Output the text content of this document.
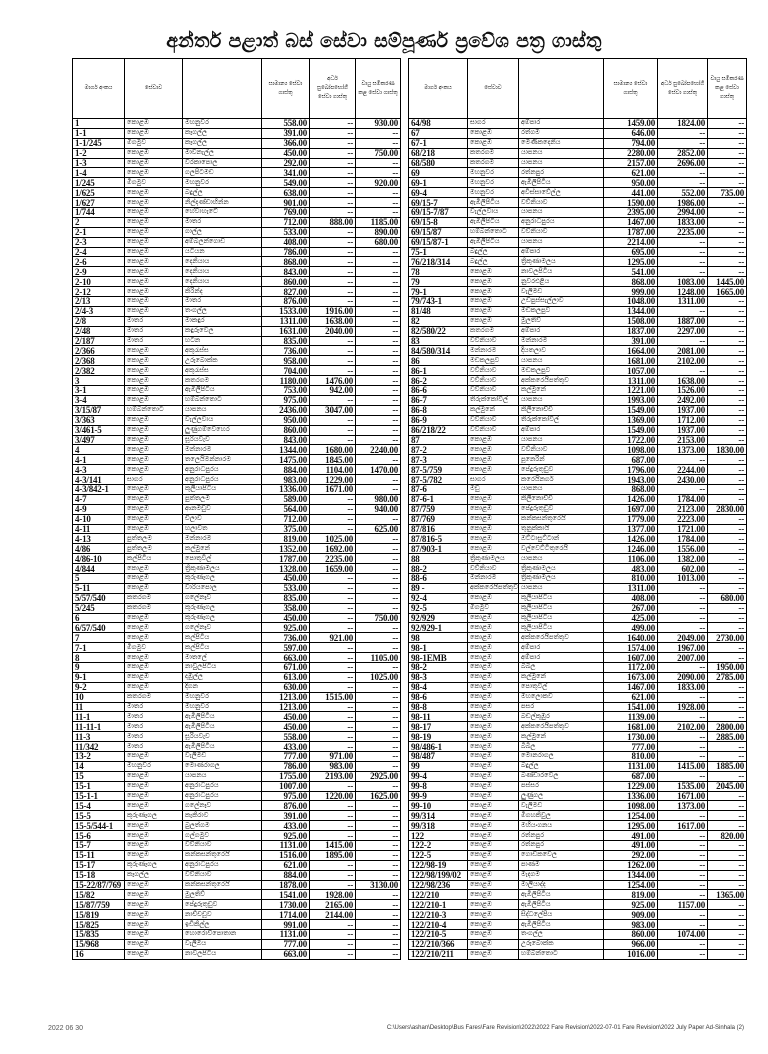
අන්තර් පළාත් බස් සේවා සම්පූර්ණ ප්‍රවේශ පත්‍ර ගාස්තු
මාර්ග අංකය	සේවාව		සාමාන්‍ය සේවා ගාස්තු	අර්ධ සුඛෝපභෝගී සේවා ගාස්තු	වායු සමීකරණ කළ සේවා ගාස්තු
1	කොළඹ	මහනුවර	558.00	--	930.00
1-1	කොළඹ	කෑගල්ල	391.00	--	--
1-1/245	මීගමුව	කෑගල්ල	366.00	--	--
1-2	කොළඹ	මාවනැල්ල	450.00	--	750.00
1-3	කොළඹ	වරකාපොල	292.00	--	--
1-4	කොළඹ	ගලපිටමඩ	341.00	--	--
1/245	මීගමුව	මහනුවර	549.00	--	920.00
1/625	කොළඹ	බදුල්ල	638.00	--	--
1/627	කොළඹ	නිල්දණ්ඩාහින්න	901.00	--	--
1/744	කොළඹ	හේවාහැටේ	769.00	--	--
2	කොළඹ	මාතර	712.00	888.00	1185.00
2-1	කොළඹ	ගාල්ල	533.00	--	890.00
2-3	කොළඹ	අම්බලන්ගොඩ	408.00	--	680.00
2-4	කොළඹ	යටියන	786.00	--	--
2-6	කොළඹ	දෙනියාය	868.00	--	--
2-9	කොළඹ	දෙනියාය	843.00	--	--
2-10	කොළඹ	දෙනියාය	860.00	--	--
2-12	කොළඹ	කිරින්ද	827.00	--	--
2/13	කොළඹ	මාතර	876.00	--	--
2/4-3	කොළඹ	තංගල්ල	1533.00	1916.00	--
2/8	මාතර	මාකඳුර	1311.00	1638.00	--
2/48	මාතර	කඳුරුවෙල	1631.00	2040.00	--
2/187	මාතර	හටන	835.00	--	--
2/366	කොළඹ	අකුරැස්ස	736.00	--	--
2/368	කොළඹ	උරුබොක්ක	958.00	--	--
2/382	කොළඹ	අකුරැස්ස	704.00	--	--
3	කොළඹ	කතරගම	1180.00	1476.00	--
3-1	කොළඹ	ඇඹිලිපිටිය	753.00	942.00	--
3-4	කොළඹ	හම්බන්තොට	975.00	--	--
3/15/87	හම්බන්තොට	යාපනය	2436.00	3047.00	--
3/363	කොළඹ	වැල්ලවාය	950.00	--	--
3/461-5	කොළඹ	ලුණුගම්වෙහෙර	860.00	--	--
3/497	කොළඹ	සූරියවැව	843.00	--	--
4	කොළඹ	මන්නාරම	1344.00	1680.00	2240.00
4-1	කොළඹ	තලෙයිමන්නාරම	1475.00	1845.00	--
4-3	කොළඹ	අනුරාධපුරය	884.00	1104.00	1470.00
4-3/141	සාගර	අනුරාධපුරය	983.00	1229.00	--
4-3/842-1	කොළඹ	කුලියාපිටිය	1336.00	1671.00	--
4-7	කොළඹ	පුත්තලම	589.00	--	980.00
4-9	කොළඹ	ආනමඩුව	564.00	--	940.00
4-10	කොළඹ	චිලාව	712.00	--	--
4-11	කොළඹ	හලාවත	375.00	--	625.00
4-13	පුත්තලම	මන්නාරම	819.00	1025.00	--
4/86	පුත්තලම	කල්මුනේ	1352.00	1692.00	--
4/86-10	කල්පිටිය	පොතුවිල්	1787.00	2235.00	--
4/844	කොළඹ	ත්‍රිකුණාමලය	1328.00	1659.00	--
5	කොළඹ	කුරුණෑගල	450.00	--	--
5-11	කොළඹ	වාරියපොල	533.00	--	--
5/57/540	කතරගම	ගලේනෑව	835.00	--	--
5/245	කතරගම	කුරුණෑගල	358.00	--	--
6	කොළඹ	කුරුණෑගල	450.00	--	750.00
6/57/540	කොළඹ	ගලේනෑව	925.00	--	--
7	කොළඹ	කල්පිටිය	736.00	921.00	--
7-1	මීගමුව	කල්පිටිය	597.00	--	--
8	කොළඹ	මාතලේ	663.00	--	1105.00
9	කොළඹ	නාවුලපිටිය	671.00	--	--
9-1	කොළඹ	දඹුල්ල	613.00	--	1025.00
9-2	කොළඹ	දිගන	630.00	--	--
10	කතරගම	මහනුවර	1213.00	1515.00	--
11	මාතර	මහනුවර	1213.00	--	--
11-1	මාතර	ඇඹිලිපිටිය	450.00	--	--
11-11-1	මාතර	ඇඹිලිපිටිය	450.00	--	--
11-3	මාතර	සූරියවැව	558.00	--	--
11/342	මාතර	ඇඹිලිපිටිය	433.00	--	--
13-2	කොළඹ	වැලිමඩ	777.00	971.00	--
14	මහනුවර	මොණරාගල	786.00	983.00	--
15	කොළඹ	යාපනය	1755.00	2193.00	2925.00
15-1	කොළඹ	අනුරාධපුරය	1007.00	--	--
15-1-1	කොළඹ	අනුරාධපුරය	975.00	1220.00	1625.00
15-4	කොළඹ	ගලේනෑව	876.00	--	--
15-5	කුරුණෑගල	කැකිරාව	391.00	--	--
15-5/544-1	කොළඹ	බුලත්ගම	433.00	--	--
15-6	කොළඹ	ගල්ගමුව	925.00	--	--
15-7	කොළඹ	වව්නියාව	1131.00	1415.00	--
15-11	කොළඹ	කන්කසන්තුරෙයි	1516.00	1895.00	--
15-17	කුරුණෑගල	අනුරාධපුරය	621.00	--	--
15-18	කෑගල්ල	වව්නියාව	884.00	--	--
15-22/87/769	කොළඹ	කන්කසන්තුරෙයි	1878.00	--	3130.00
15/82	කොළඹ	මුලතිව්	1541.00	1928.00	--
15/87/759	කොළඹ	පේදුරුතුඩුව	1730.00	2165.00	--
15/819	කොළඹ	නාච්චඩූව	1714.00	2144.00	--
15/825	කොළඹ	ඉඩිකිල්ල	991.00	--	--
15/835	කොළඹ	හොරොව්පොතාන	1131.00	--	--
15/968	කොළඹ	වැලිඔය	777.00	--	--
16	කොළඹ	නාවලපිටිය	663.00	--	--
මාර්ග අංකය	සේවාව		සාමාන්‍ය සේවා ගාස්තු	අර්ධ සුඛෝපභෝගී සේවා ගාස්තු	වායු සමීකරණ කළ සේවා ගාස්තු
64/98	සාගර	අම්පාර	1459.00	1824.00	--
67	කොළඹ	රත්ගම	646.00	--	--
67-1	කොළඹ	මෙණිකදෙනිය	794.00	--	--
68/218	කතරගම	යාපනය	2280.00	2852.00	--
68/580	කතරගම	යාපනය	2157.00	2696.00	--
69	මහනුවර	රත්නපුර	621.00	--	--
69-1	මහනුවර	ඇඹිලිපිටිය	950.00	--	--
69-4	මහනුවර	අවිස්සාවේල්ල	441.00	552.00	735.00
69/15-7	ඇඹිලිපිටිය	වව්නියාව	1590.00	1986.00	--
69/15-7/87	වැල්ලවාය	යාපනය	2395.00	2994.00	--
69/15-8	ඇඹිලිපිටිය	අනුරාධපුරය	1467.00	1833.00	--
69/15/87	හම්බන්තොට	වව්නියාව	1787.00	2235.00	--
69/15/87-1	ඇඹිලිපිටිය	යාපනය	2214.00	--	--
75-1	බදුල්ල	අම්පාර	695.00	--	--
76/218/314	බදුල්ල	ත්‍රිකුණාමලය	1295.00	--	--
78	කොළඹ	නාවලපිටිය	541.00	--	--
79	කොළඹ	නුවරඑළිය	868.00	1083.00	1445.00
79-1	කොළඹ	වැලිමඩ	999.00	1248.00	1665.00
79/743-1	කොළඹ	උඩපුස්සැල්ලාව	1048.00	1311.00	--
81/48	කොළඹ	මඩකලපුව	1344.00	--	--
82	කොළඹ	මුලතිව්	1508.00	1887.00	--
82/580/22	කතරගම	අම්පාර	1837.00	2297.00	--
83	වව්නියාව	මන්නාරම	391.00	--	--
84/580/314	මන්නාරම	දියතලාව	1664.00	2081.00	--
86	මඩකලපුව	යාපනය	1681.00	2102.00	--
86-1	වව්නියාව	මඩකලපුව	1057.00	--	--
86-2	වව්නියාව	අක්කරෙයිපත්තුව	1311.00	1638.00	--
86-6	වව්නියාව	කල්මුනේ	1221.00	1526.00	--
86-7	තිරුක්කෝවිල්	යාපනය	1993.00	2492.00	--
86-8	කල්මුනේ	කිලිනොච්චි	1549.00	1937.00	--
86-9	වව්නියාව	තිරුක්කෝවිල්	1369.00	1712.00	--
86/218/22	වව්නියාව	අම්පාර	1549.00	1937.00	--
87	කොළඹ	යාපනය	1722.00	2153.00	--
87-2	කොළඹ	වව්නියාව	1098.00	1373.00	1830.00
87-3	කොළඹ	පූනෙරින්	687.00	--	--
87-5/759	කොළඹ	පේදුරුතුඩුව	1796.00	2244.00	--
87-5/782	සාගර	කරෙයිනගර්	1943.00	2430.00	--
87-6	මඩු	යාපනය	868.00	--	--
87-6-1	කොළඹ	කිලිනොච්චි	1426.00	1784.00	--
87/759	කොළඹ	පේදුරුතුඩුව	1697.00	2123.00	2830.00
87/769	කොළඹ	කන්කසන්තුරෙයි	1779.00	2223.00	--
87/816	කොළඹ	තුනුක්කායි	1377.00	1721.00	--
87/816-5	කොළඹ	ඔට්ටාසුට්ටාන්	1426.00	1784.00	--
87/903-1	කොළඹ	වල්වෙට්ටිතුරෙයි	1246.00	1556.00	--
88	ත්‍රිකුණාමලය	යාපනය	1106.00	1382.00	--
88-2	වව්නියාව	ත්‍රිකුණාමලය	483.00	602.00	--
88-6	මන්නාරම	ත්‍රිකුණාමලය	810.00	1013.00	--
89 -	අක්කරෙයිපත්තුව	යාපනය	1311.00	--	--
92-4	කොළඹ	කුලියාපිටිය	408.00	--	680.00
92-5	මීගමුව	කුලියාපිටිය	267.00	--	--
92/929	කොළඹ	කුලියාපිටිය	425.00	--	--
92/929-1	කොළඹ	කුලියාපිටිය	499.00	--	--
98	කොළඹ	අක්කරෙයිපත්තුව	1640.00	2049.00	2730.00
98-1	කොළඹ	අම්පාර	1574.00	1967.00	--
98-1EMB	කොළඹ	අම්පාර	1607.00	2007.00	--
98-2	කොළඹ	බිබිල	1172.00	--	1950.00
98-3	කොළඹ	කල්මුනේ	1673.00	2090.00	2785.00
98-4	කොළඹ	පොතුවිල්	1467.00	1833.00	--
98-6	කොළඹ	මහලොකව	621.00	--	--
98-8	කොළඹ	පසර	1541.00	1928.00	--
98-11	කොළඹ	බඩල්කුඹුර	1139.00	--	--
98-17	කොළඹ	අක්කරෙයිපත්තුව	1681.00	2102.00	2800.00
98-19	කොළඹ	කල්මුනේ	1730.00	--	2885.00
98/486-1	කොළඹ	බිබිල	777.00	--	--
98/487	කොළඹ	මොනරාගල	810.00	--	--
99	කොළඹ	බදුල්ල	1131.00	1415.00	1885.00
99-4	කොළඹ	බණ්ඩාරවෙල	687.00	--	--
99-8	කොළඹ	පස්සර	1229.00	1535.00	2045.00
99-9	කොළඹ	ලුණුගල	1336.00	1671.00	--
99-10	කොළඹ	වැලිමඩ	1098.00	1373.00	--
99/314	කොළඹ	මීගහකිවුල	1254.00	--	--
99/318	කොළඹ	මහියංගනය	1295.00	1617.00	--
122	කොළඹ	රත්නපුර	491.00	--	820.00
122-2	කොළඹ	රත්නපුර	491.00	--	--
122-5	කොළඹ	ගොඩකවෙල	292.00	--	--
122/98-19	කොළඹ	පාණම	1262.00	--	--
122/98/199/02	කොළඹ	මැදගම	1344.00	--	--
122/98/236	කොළඹ	මාලියාද්ද	1254.00	--	--
122/210	කොළඹ	ඇඹිලිපිටිය	819.00	--	1365.00
122/210-1	කොළඹ	ඇඹිලිපිටිය	925.00	1157.00	--
122/210-3	කොළඹ	සිද්ධලේපිය	909.00	--	--
122/210-4	කොළඹ	ඇඹිලිපිටිය	983.00	--	--
122/210-5	කොළඹ	තංගල්ල	860.00	1074.00	--
122/210/366	කොළඹ	උරුබොක්ක	966.00	--	--
122/210/211	කොළඹ	හම්බන්තොට	1016.00	--	--
2022 06 30	C:\Users\ashan\Desktop\Bus Fares\Fare Revision\2022\2022 Fare Revision\2022-07-01 Fare Revision\2022 July Paper Ad-Sinhala (2)
